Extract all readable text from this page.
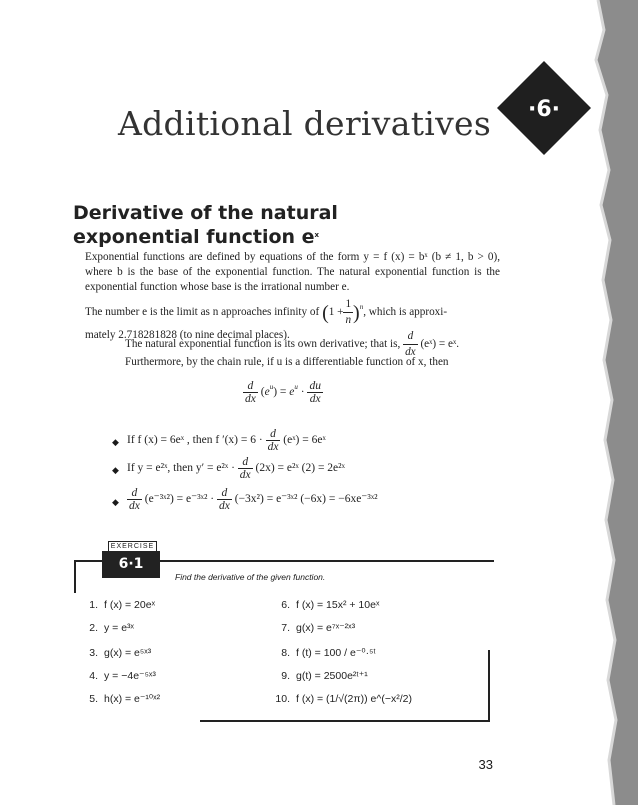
Additional derivatives ·6·
Derivative of the natural
exponential function $e^x$
Exponential functions are defined by equations of the form y = f (x) = bˣ (b ≠ 1, b > 0), where b is the base of the exponential function. The natural exponential function is the exponential function whose base is the irrational number e.
The number e is the limit as n approaches infinity of $(1 + \frac{1}{n} )^n$, which is approxi-
mately 2.718281828 (to nine decimal places).
The natural exponential function is its own derivative; that is, $\frac{d}{dx}$ (eˣ) = eˣ.
Furthermore, by the chain rule, if u is a differentiable function of x, then
$\frac{d}{dx} (e^u) = e^u \cdot \frac{du}{dx}$
◆ If f (x) = 6eˣ , then f $'(x) = 6 \cdot \frac{d}{dx}$ (eˣ) = 6eˣ
◆ If y = e²ˣ, then y′ = e²ˣ · $\frac{d}{dx} (2x)$ = e²ˣ (2) = 2e²ˣ
◆ $\frac{d}{dx}$ (e⁻³ˣ²) = e⁻³ˣ² · $\frac{d}{dx} (-3x^2)$ = e⁻³ˣ² (−6x) = −6xe⁻³ˣ²
EXERCISE
6·1
Find the derivative of the given function.
1. f (x) = 20eˣ
2. y = e³ˣ
3. g(x) = e⁵ˣ³
4. y = −4e⁻⁵ˣ³
5. h(x) = e⁻¹⁰ˣ²
6. f (x) = 15x² + 10eˣ
7. g(x) = e⁷ˣ⁻²ˣ³
8. f (t) = 100 / e⁻⁰·⁵ᵗ
9. g(t) = 2500e²ᵗ⁺¹
10. f (x) = (1/√(2π)) e^(−x²/2)
33
